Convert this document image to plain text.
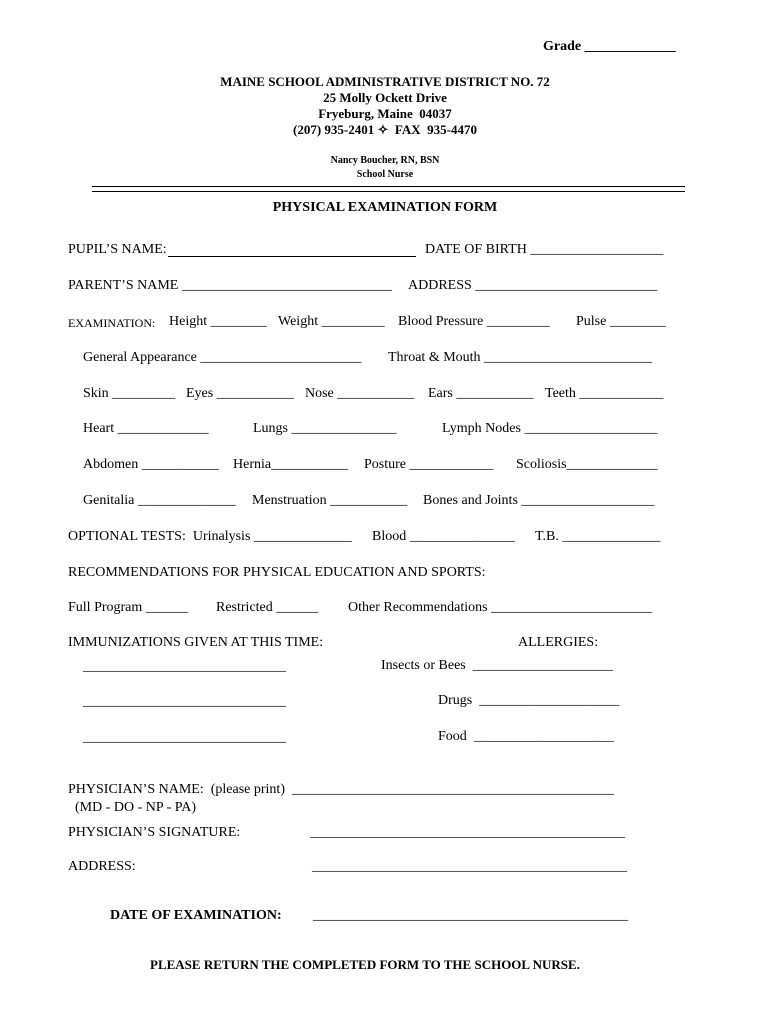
Grade _____________
MAINE SCHOOL ADMINISTRATIVE DISTRICT NO. 72
25 Molly Ockett Drive
Fryeburg, Maine  04037
(207) 935-2401 ✧  FAX  935-4470
Nancy Boucher, RN, BSN
School Nurse
PHYSICAL EXAMINATION FORM
PUPIL’S NAME:	DATE OF BIRTH ___________________
PARENT’S NAME ______________________________ ADDRESS __________________________
EXAMINATION: Height ________ Weight _________ Blood Pressure _________ Pulse ________
General Appearance _______________________ Throat & Mouth ________________________
Skin _________ Eyes ___________ Nose ___________ Ears ___________ Teeth ____________
Heart _____________	Lungs _______________	Lymph Nodes ___________________
Abdomen ___________ Hernia___________ Posture ____________ Scoliosis_____________
Genitalia ______________ Menstruation ___________ Bones and Joints ___________________
OPTIONAL TESTS:  Urinalysis ______________ Blood _______________ T.B. ______________
RECOMMENDATIONS FOR PHYSICAL EDUCATION AND SPORTS:
Full Program ______ Restricted ______ Other Recommendations _______________________
IMMUNIZATIONS GIVEN AT THIS TIME:	ALLERGIES:
_____________________________	Insects or Bees  ____________________
_____________________________	Drugs  ____________________
_____________________________	Food  ____________________
PHYSICIAN’S NAME:  (please print)  ______________________________________________
(MD - DO - NP - PA)
PHYSICIAN’S SIGNATURE:	_____________________________________________
ADDRESS:	_____________________________________________
DATE OF EXAMINATION: _____________________________________________
PLEASE RETURN THE COMPLETED FORM TO THE SCHOOL NURSE.
